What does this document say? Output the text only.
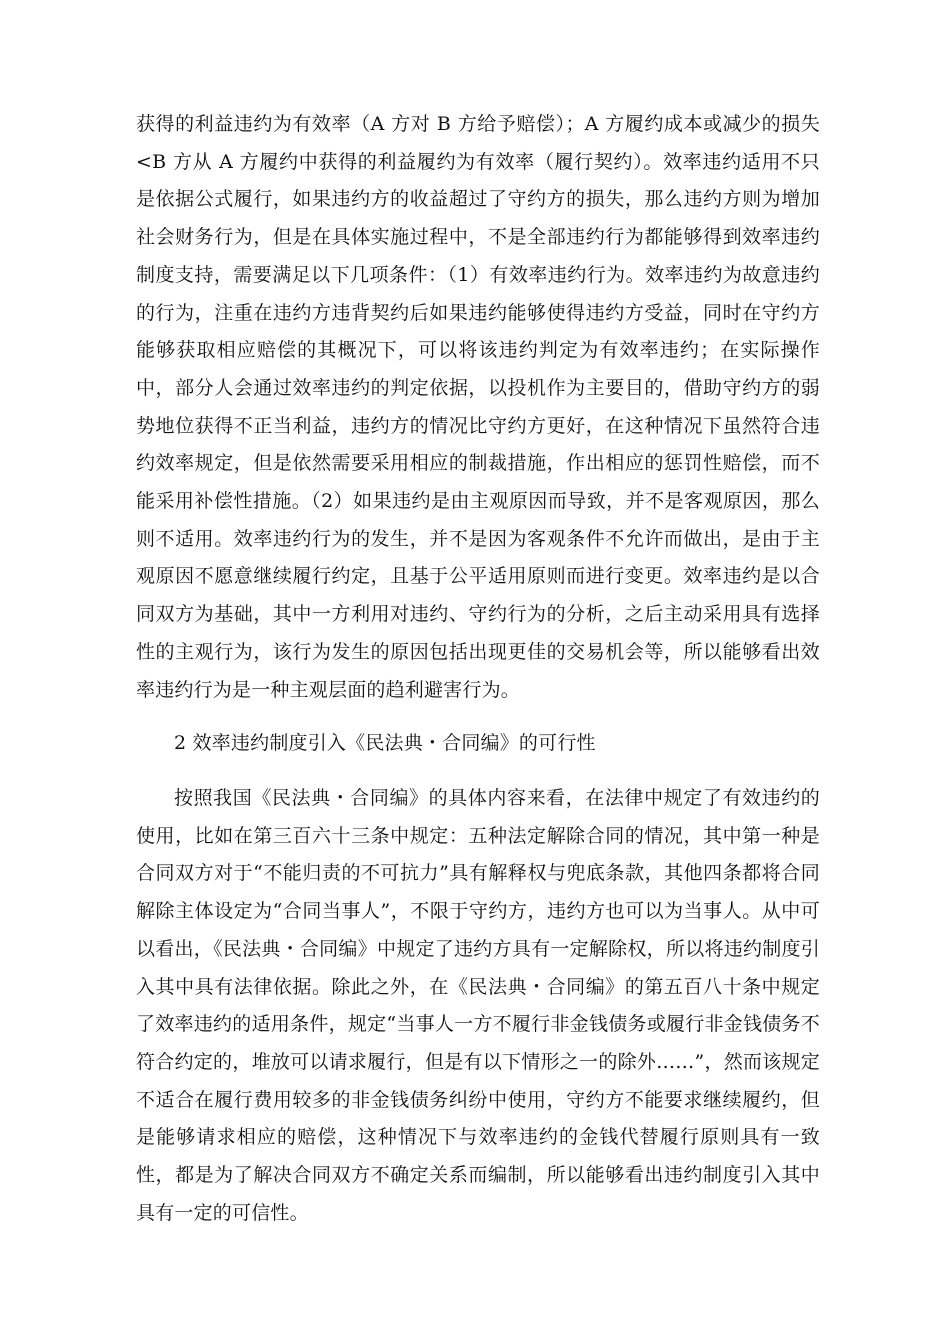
获得的利益违约为有效率（A 方对 B 方给予赔偿）；A 方履约成本或减少的损失<B 方从 A 方履约中获得的利益履约为有效率（履行契约）。效率违约适用不只是依据公式履行，如果违约方的收益超过了守约方的损失，那么违约方则为增加社会财务行为，但是在具体实施过程中，不是全部违约行为都能够得到效率违约制度支持，需要满足以下几项条件：（1）有效率违约行为。效率违约为故意违约的行为，注重在违约方违背契约后如果违约能够使得违约方受益，同时在守约方能够获取相应赔偿的其概况下，可以将该违约判定为有效率违约；在实际操作中，部分人会通过效率违约的判定依据，以投机作为主要目的，借助守约方的弱势地位获得不正当利益，违约方的情况比守约方更好，在这种情况下虽然符合违约效率规定，但是依然需要采用相应的制裁措施，作出相应的惩罚性赔偿，而不能采用补偿性措施。（2）如果违约是由主观原因而导致，并不是客观原因，那么则不适用。效率违约行为的发生，并不是因为客观条件不允许而做出，是由于主观原因不愿意继续履行约定，且基于公平适用原则而进行变更。效率违约是以合同双方为基础，其中一方利用对违约、守约行为的分析，之后主动采用具有选择性的主观行为，该行为发生的原因包括出现更佳的交易机会等，所以能够看出效率违约行为是一种主观层面的趋利避害行为。

2 效率违约制度引入《民法典・合同编》的可行性

按照我国《民法典・合同编》的具体内容来看，在法律中规定了有效违约的使用，比如在第三百六十三条中规定：五种法定解除合同的情况，其中第一种是合同双方对于“不能归责的不可抗力”具有解释权与兜底条款，其他四条都将合同解除主体设定为“合同当事人”，不限于守约方，违约方也可以为当事人。从中可以看出，《民法典・合同编》中规定了违约方具有一定解除权，所以将违约制度引入其中具有法律依据。除此之外，在《民法典・合同编》的第五百八十条中规定了效率违约的适用条件，规定“当事人一方不履行非金钱债务或履行非金钱债务不符合约定的，堆放可以请求履行，但是有以下情形之一的除外……”，然而该规定不适合在履行费用较多的非金钱债务纠纷中使用，守约方不能要求继续履约，但是能够请求相应的赔偿，这种情况下与效率违约的金钱代替履行原则具有一致性，都是为了解决合同双方不确定关系而编制，所以能够看出违约制度引入其中具有一定的可信性。
